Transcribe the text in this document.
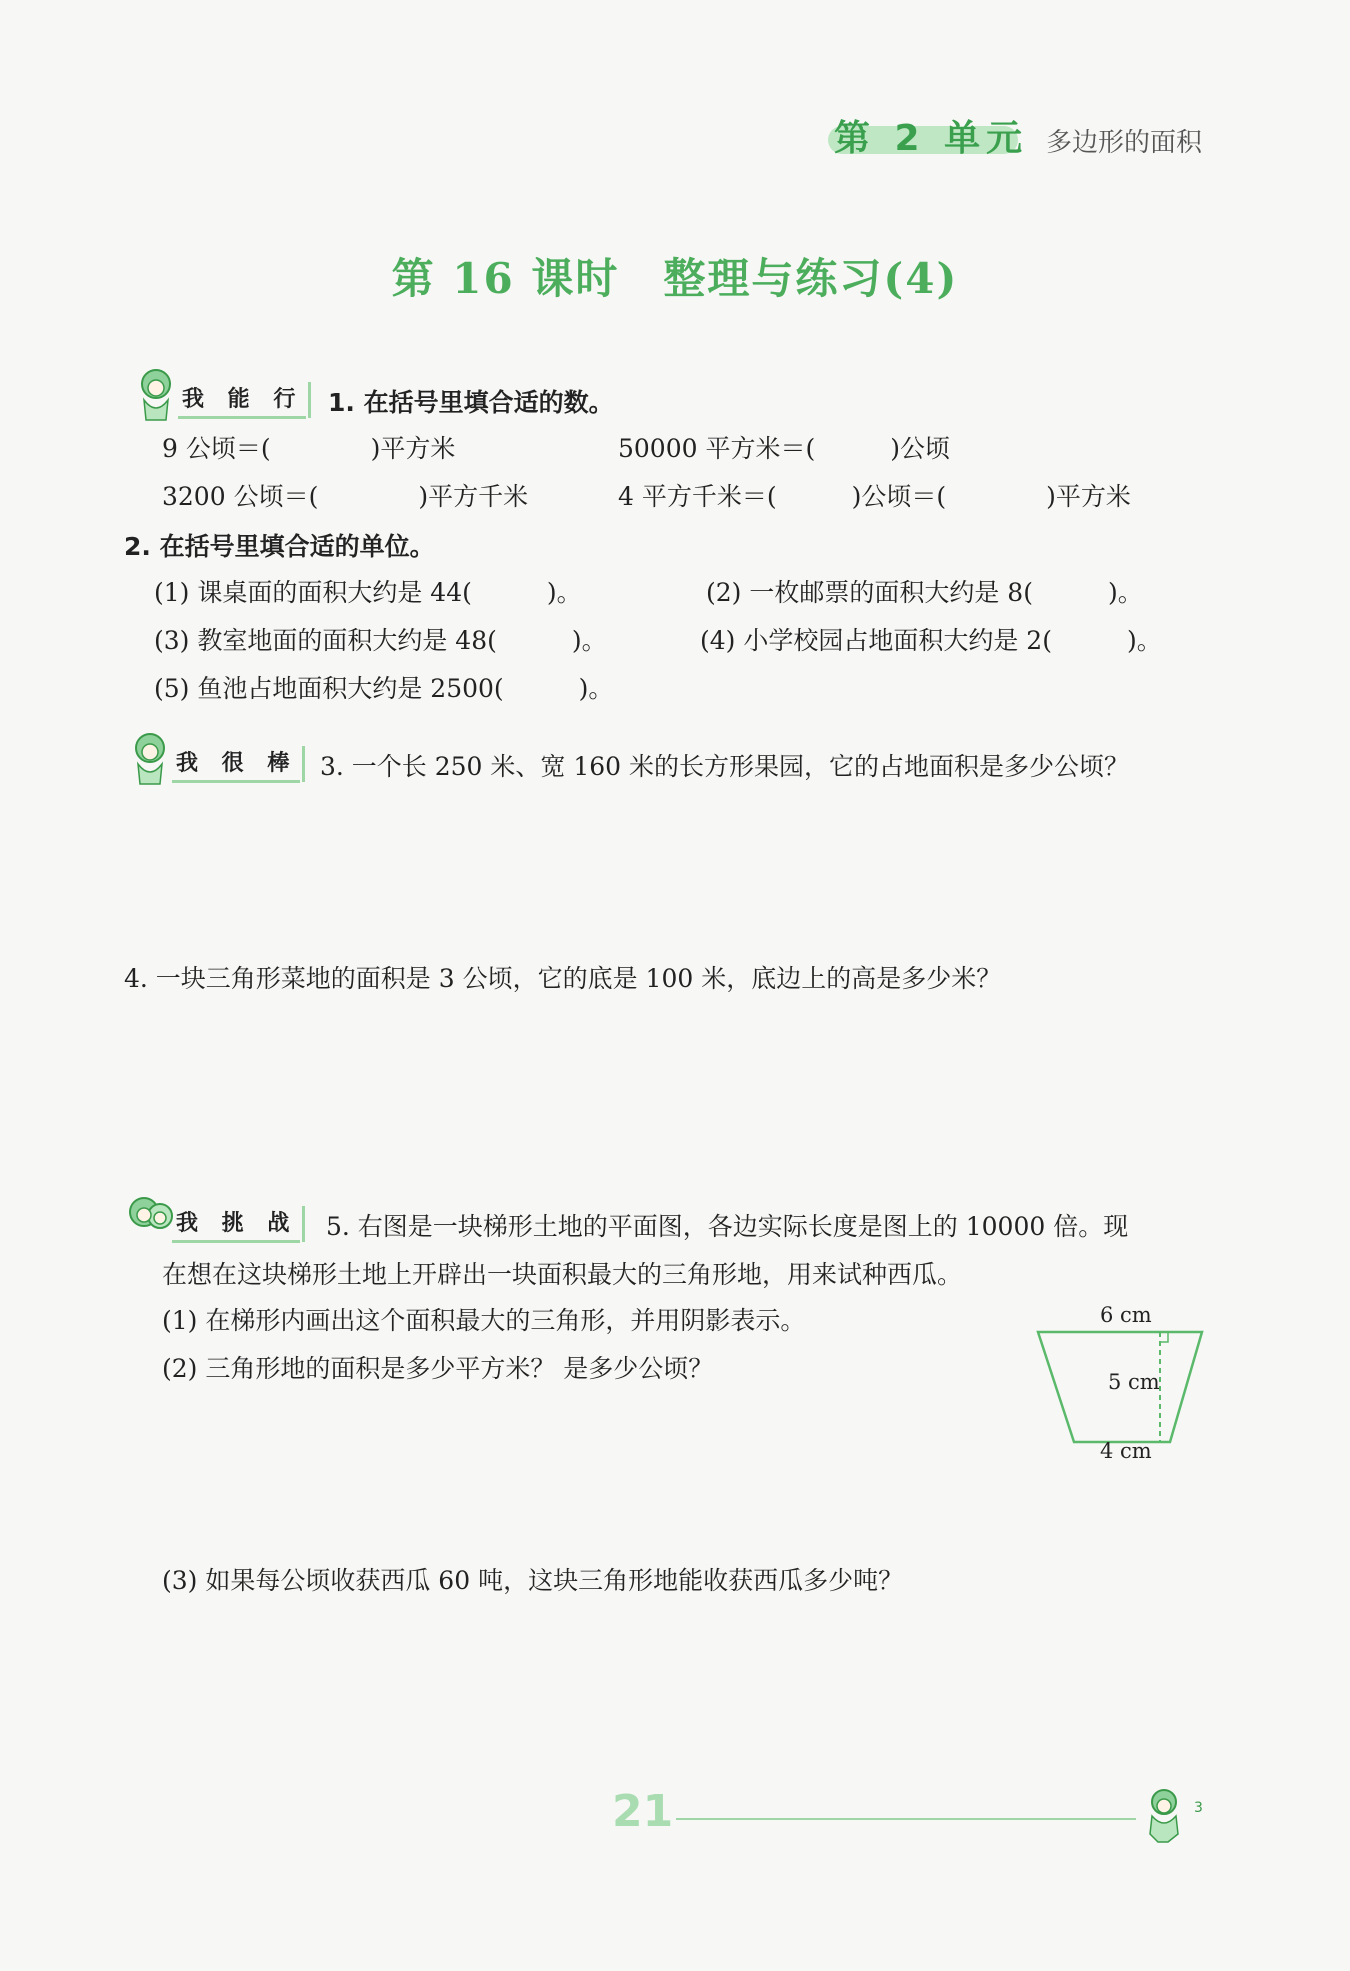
第 2 单元 多边形的面积
第 16 课时　整理与练习(4)
我 能 行 1. 在括号里填合适的数。
9 公顷＝(　　　　)平方米	50000 平方米＝(　　　)公顷
3200 公顷＝(　　　　)平方千米	4 平方千米＝(　　　)公顷＝(　　　　)平方米
2. 在括号里填合适的单位。
(1) 课桌面的面积大约是 44(　　　)。	(2) 一枚邮票的面积大约是 8(　　　)。
(3) 教室地面的面积大约是 48(　　　)。	(4) 小学校园占地面积大约是 2(　　　)。
(5) 鱼池占地面积大约是 2500(　　　)。
我 很 棒 3. 一个长 250 米、宽 160 米的长方形果园，它的占地面积是多少公顷？
4. 一块三角形菜地的面积是 3 公顷，它的底是 100 米，底边上的高是多少米？
我 挑 战 5. 右图是一块梯形土地的平面图，各边实际长度是图上的 10000 倍。现
在想在这块梯形土地上开辟出一块面积最大的三角形地，用来试种西瓜。
(1) 在梯形内画出这个面积最大的三角形，并用阴影表示。
(2) 三角形地的面积是多少平方米？ 是多少公顷？
6 cm
5 cm
4 cm
(3) 如果每公顷收获西瓜 60 吨，这块三角形地能收获西瓜多少吨？
21	3
